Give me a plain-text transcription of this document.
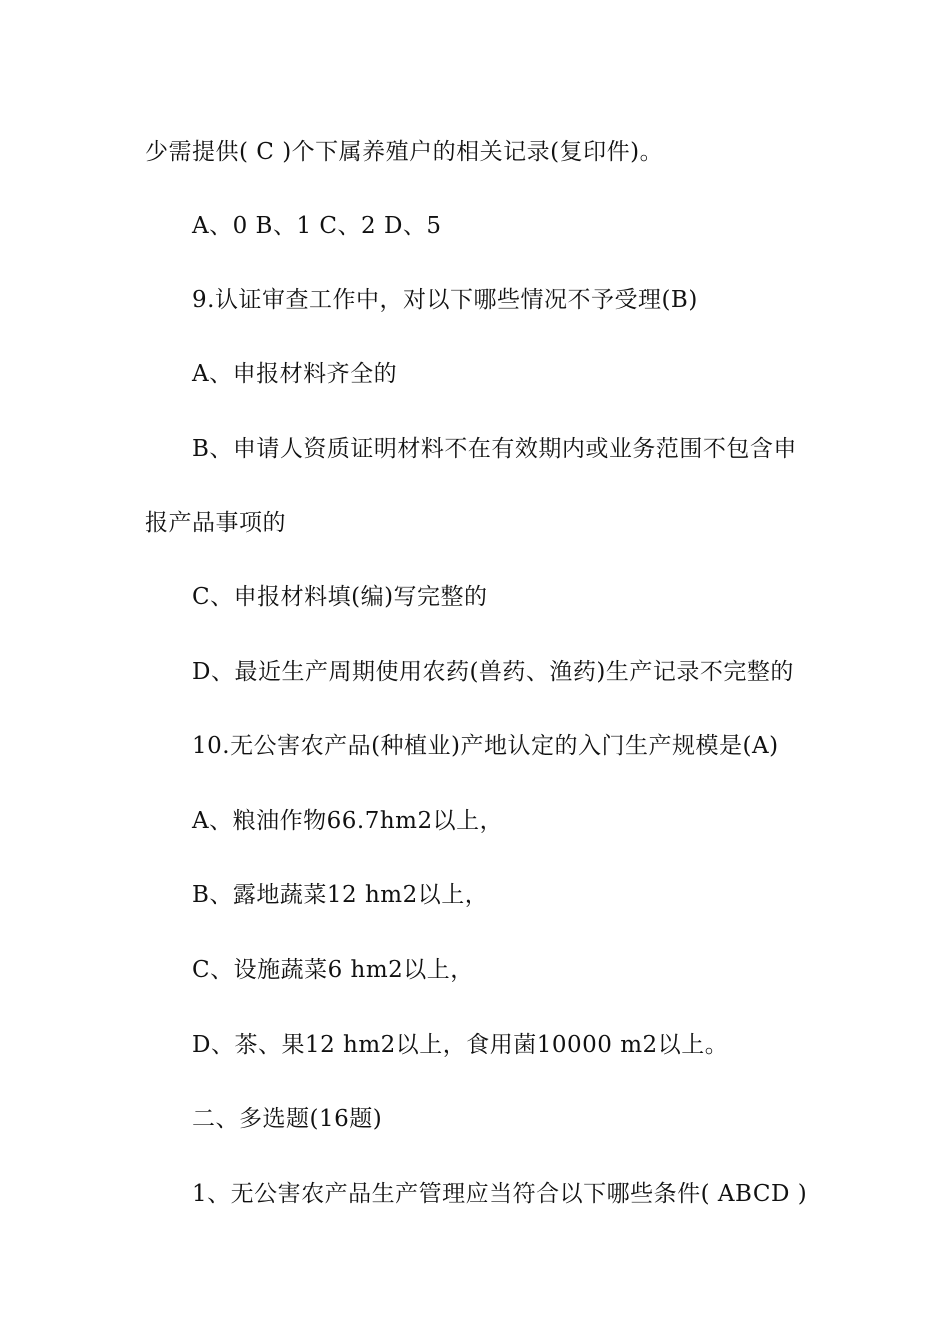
少需提供( C )个下属养殖户的相关记录(复印件)。
A、0 B、1 C、2 D、5
9.认证审查工作中，对以下哪些情况不予受理(B)
A、申报材料齐全的
B、申请人资质证明材料不在有效期内或业务范围不包含申
报产品事项的
C、申报材料填(编)写完整的
D、最近生产周期使用农药(兽药、渔药)生产记录不完整的
10.无公害农产品(种植业)产地认定的入门生产规模是(A)
A、粮油作物66.7hm2以上，
B、露地蔬菜12 hm2以上，
C、设施蔬菜6 hm2以上，
D、茶、果12 hm2以上，食用菌10000 m2以上。
二、多选题(16题)
1、无公害农产品生产管理应当符合以下哪些条件( ABCD )
